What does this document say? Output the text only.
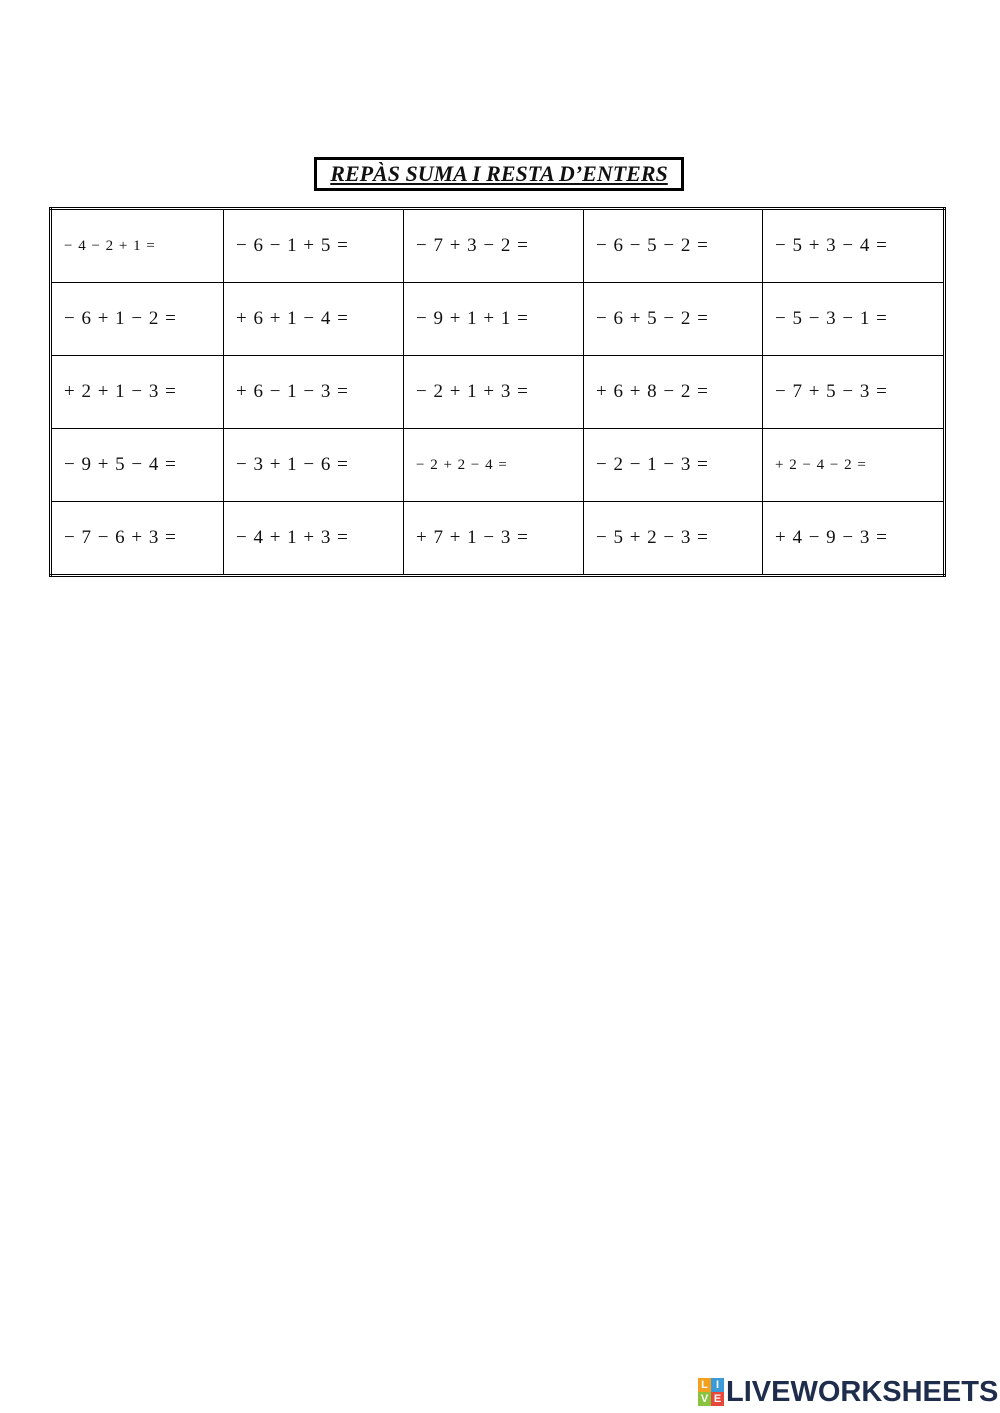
REPÀS SUMA I RESTA D’ENTERS
− 4 − 2 + 1 =	− 6 − 1 + 5 =	− 7 + 3 − 2 =	− 6 − 5 − 2 =	− 5 + 3 − 4 =
− 6 + 1 − 2 =	+ 6 + 1 − 4 =	− 9 + 1 + 1 =	− 6 + 5 − 2 =	− 5 − 3 − 1 =
+ 2 + 1 − 3 =	+ 6 − 1 − 3 =	− 2 + 1 + 3 =	+ 6 + 8 − 2 =	− 7 + 5 − 3 =
− 9 + 5 − 4 =	− 3 + 1 − 6 =	− 2 + 2 − 4 =	− 2 − 1 − 3 =	+ 2 − 4 − 2 =
− 7 − 6 + 3 =	− 4 + 1 + 3 =	+ 7 + 1 − 3 =	− 5 + 2 − 3 =	+ 4 − 9 − 3 =
L I
V E LIVEWORKSHEETS
